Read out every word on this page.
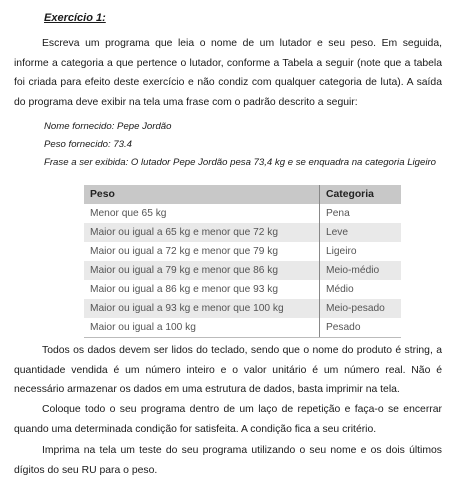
Exercício 1:

Escreva um programa que leia o nome de um lutador e seu peso. Em seguida, informe a categoria a que pertence o lutador, conforme a Tabela a seguir (note que a tabela foi criada para efeito deste exercício e não condiz com qualquer categoria de luta). A saída do programa deve exibir na tela uma frase com o padrão descrito a seguir:

Nome fornecido: Pepe Jordão
Peso fornecido: 73.4
Frase a ser exibida: O lutador Pepe Jordão pesa 73,4 kg e se enquadra na categoria Ligeiro
Peso	Categoria
Menor que 65 kg	Pena
Maior ou igual a 65 kg e menor que 72 kg	Leve
Maior ou igual a 72 kg e menor que 79 kg	Ligeiro
Maior ou igual a 79 kg e menor que 86 kg	Meio-médio
Maior ou igual a 86 kg e menor que 93 kg	Médio
Maior ou igual a 93 kg e menor que 100 kg	Meio-pesado
Maior ou igual a 100 kg	Pesado

Todos os dados devem ser lidos do teclado, sendo que o nome do produto é string, a quantidade vendida é um número inteiro e o valor unitário é um número real. Não é necessário armazenar os dados em uma estrutura de dados, basta imprimir na tela.

Coloque todo o seu programa dentro de um laço de repetição e faça-o se encerrar quando uma determinada condição for satisfeita. A condição fica a seu critério.

Imprima na tela um teste do seu programa utilizando o seu nome e os dois últimos dígitos do seu RU para o peso.
